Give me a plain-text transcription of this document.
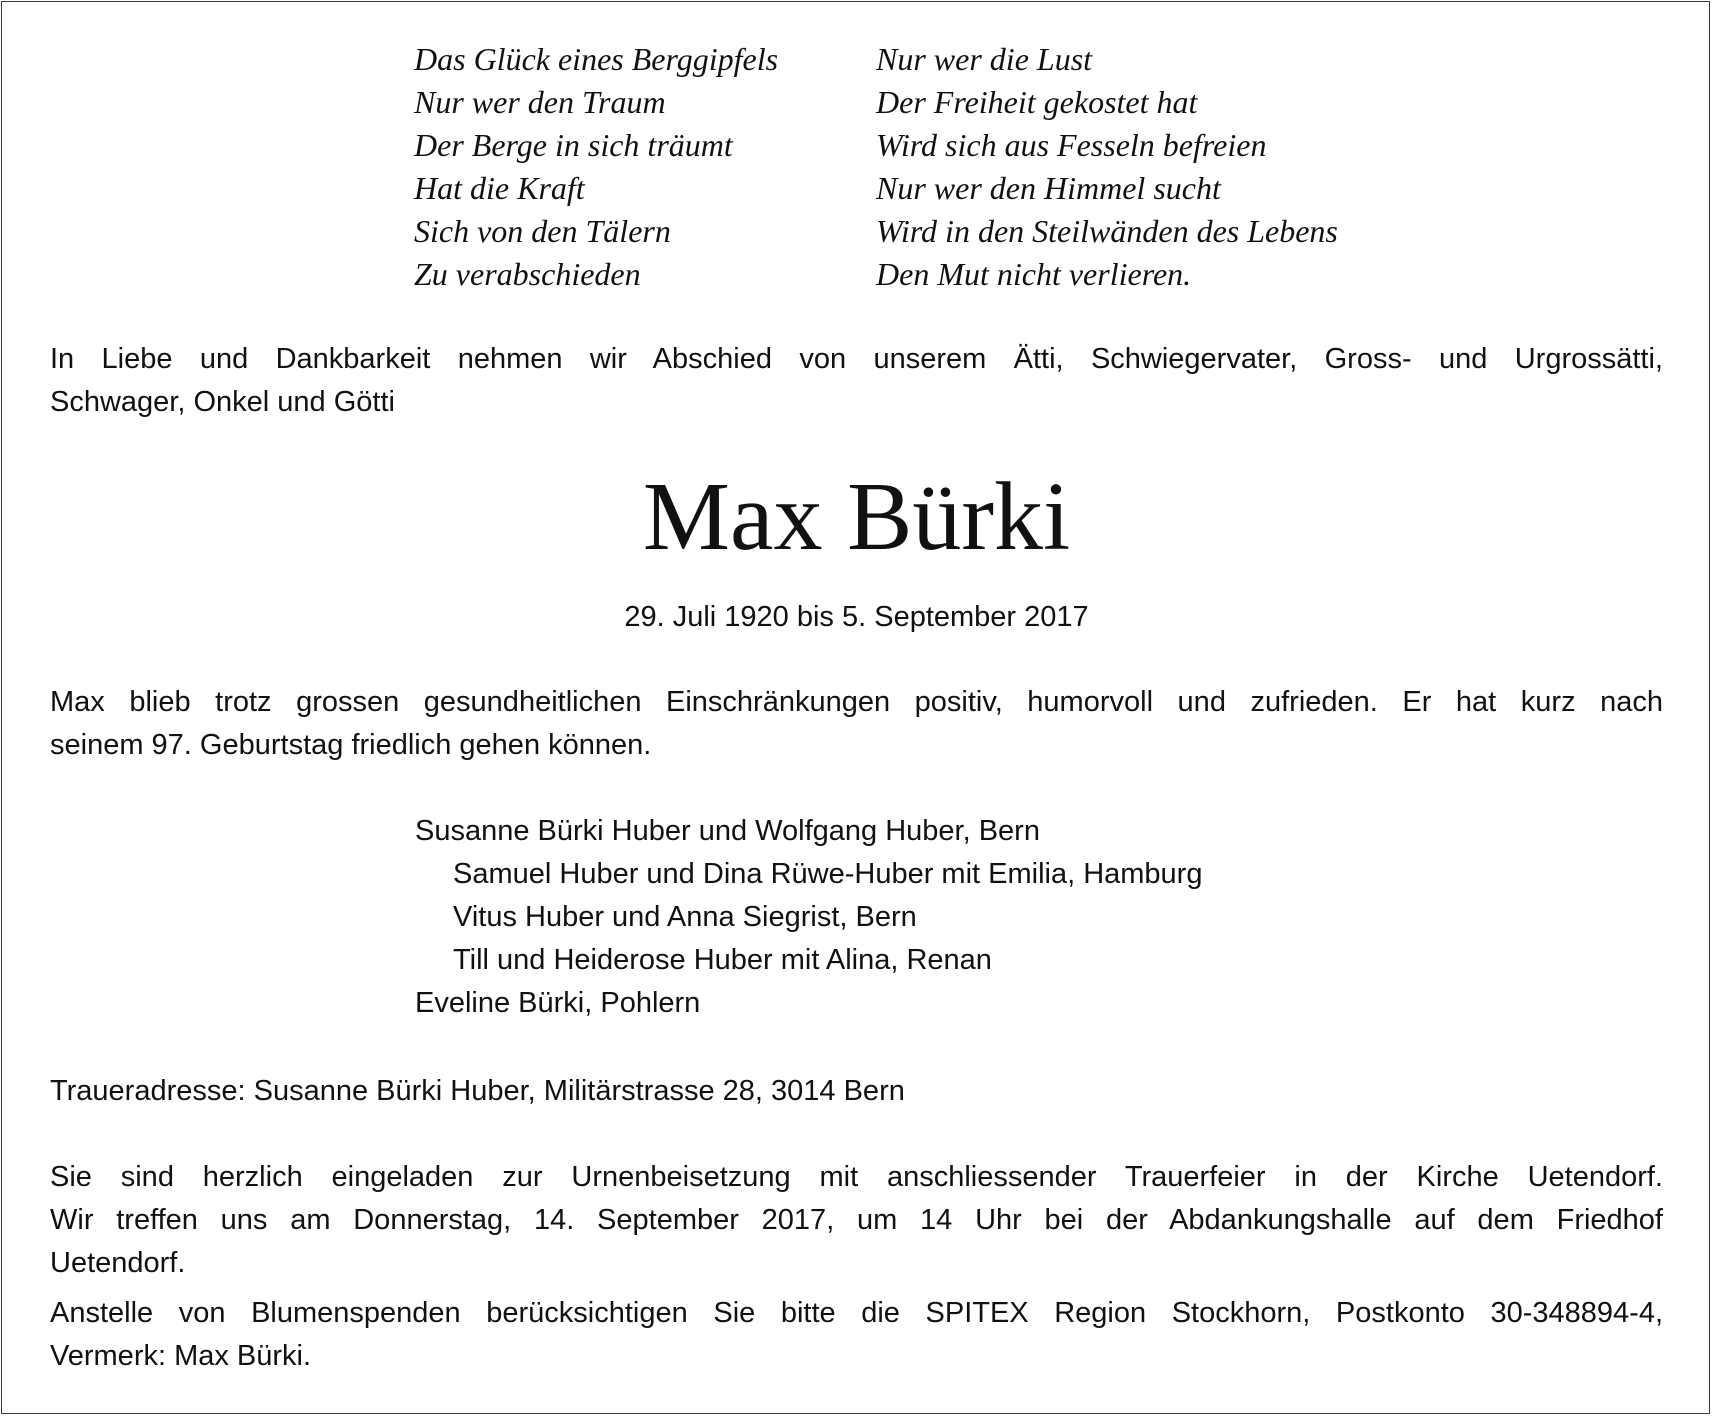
Das Glück eines Berggipfels
Nur wer den Traum
Der Berge in sich träumt
Hat die Kraft
Sich von den Tälern
Zu verabschieden
Nur wer die Lust
Der Freiheit gekostet hat
Wird sich aus Fesseln befreien
Nur wer den Himmel sucht
Wird in den Steilwänden des Lebens
Den Mut nicht verlieren.
In Liebe und Dankbarkeit nehmen wir Abschied von unserem Ätti, Schwiegervater, Gross- und Urgrossätti,
Schwager, Onkel und Götti
Max Bürki
29. Juli 1920 bis 5. September 2017
Max blieb trotz grossen gesundheitlichen Einschränkungen positiv, humorvoll und zufrieden. Er hat kurz nach
seinem 97. Geburtstag friedlich gehen können.
Susanne Bürki Huber und Wolfgang Huber, Bern
Samuel Huber und Dina Rüwe-Huber mit Emilia, Hamburg
Vitus Huber und Anna Siegrist, Bern
Till und Heiderose Huber mit Alina, Renan
Eveline Bürki, Pohlern
Traueradresse: Susanne Bürki Huber, Militärstrasse 28, 3014 Bern
Sie sind herzlich eingeladen zur Urnenbeisetzung mit anschliessender Trauerfeier in der Kirche Uetendorf.
Wir treffen uns am Donnerstag, 14. September 2017, um 14 Uhr bei der Abdankungshalle auf dem Friedhof
Uetendorf.
Anstelle von Blumenspenden berücksichtigen Sie bitte die SPITEX Region Stockhorn, Postkonto 30-348894-4,
Vermerk: Max Bürki.
